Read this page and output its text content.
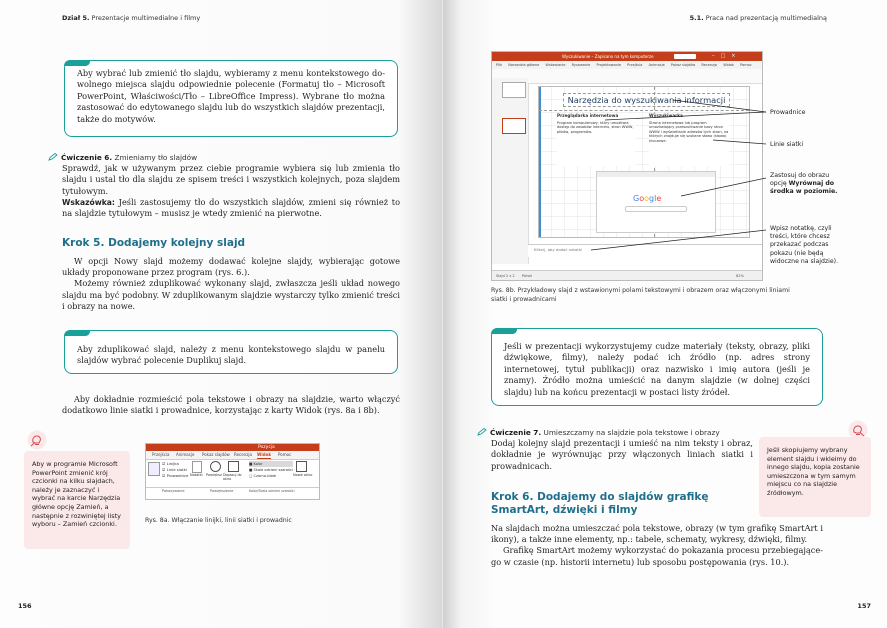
Dział 5. Prezentacje multimedialne i filmy
Aby wybrać lub zmienić tło slajdu, wybieramy z menu kontekstowego dowolnego miejsca slajdu odpowiednie polecenie (Formatuj tło – Microsoft PowerPoint, Właściwości/Tło – LibreOffice Impress). Wybrane tło można zastosować do edytowanego slajdu lub do wszystkich slajdów prezentacji, także do motywów.
Ćwiczenie 6. Zmieniamy tło slajdów
Sprawdź, jak w używanym przez ciebie programie wybiera się lub zmienia tło slajdu i ustal tło dla slajdu ze spisem treści i wszystkich kolejnych, poza slajdem tytułowym.
Wskazówka: Jeśli zastosujemy tło do wszystkich slajdów, zmieni się również to na slajdzie tytułowym – musisz je wtedy zmienić na pierwotne.
Krok 5. Dodajemy kolejny slajd
W opcji Nowy slajd możemy dodawać kolejne slajdy, wybierając gotowe układy proponowane przez program (rys. 6.).
Możemy również zduplikować wykonany slajd, zwłaszcza jeśli układ nowego slajdu ma być podobny. W zduplikowanym slajdzie wystarczy tylko zmienić treści i obrazy na nowe.
Aby zduplikować slajd, należy z menu kontekstowego slajdu w panelu slajdów wybrać polecenie Duplikuj slajd.
Aby dokładnie rozmieścić pola tekstowe i obrazy na slajdzie, warto włączyć dodatkowo linie siatki i prowadnice, korzystając z karty Widok (rys. 8a i 8b).
Aby w programie Microsoft PowerPoint zmienić krój czcionki na kilku slajdach, należy je zaznaczyć i wybrać na karcie Narzędzia główne opcję Zamień, a następnie z rozwiniętej listy wyboru – Zamień czcionki.
Pozycja
Przejścia Animacje Pokaz slajdów Recenzja Widok Pomoc
☑ Linijka
☑ Linie siatki
☑ Prowadnice Notatki Powiększ Dopasuj do okna
■ Kolor
■ Skala odcieni szarości
□ Czarno-białe	Nowe okno
Pokazywanie	Powiększenie	Kolor/Skala odcieni szarości
Rys. 8a. Włączanie linijki, linii siatki i prowadnic
156
5.1. Praca nad prezentacją multimedialną
Wyszukiwanie – Zapisano na tym komputerze	–□×
Plik Narzędzia główne Wstawianie Rysowanie Projektowanie Przejścia Animacje Pokaz slajdów Recenzja Widok Pomoc
Narzędzia do wyszukiwania informacji
Przeglądarka internetowa
Program komputerowy, który umożliwia dostęp do zasobów internetu, stron WWW, plików, programów.
Wyszukiwarka
Strona internetowa lub program umożliwiający przeszukiwanie bazy stron WWW i wyświetlanie adresów tych stron, na których znajduje się szukane słowo (słowa) kluczowe.
Google
Kliknij, aby dodać notatki
Slajd 2 z 2 Polski	82%
Prowadnice
Linie siatki
Zastosuj do obrazu
opcję Wyrównaj do środka w poziomie.
Wpisz notatkę, czyli treści, które chcesz przekazać podczas pokazu (nie będą widoczne na slajdzie).
Rys. 8b. Przykładowy slajd z wstawionymi polami tekstowymi i obrazem oraz włączonymi liniami siatki i prowadnicami
Jeśli w prezentacji wykorzystujemy cudze materiały (teksty, obrazy, pliki dźwiękowe, filmy), należy podać ich źródło (np. adres strony internetowej, tytuł publikacji) oraz nazwisko i imię autora (jeśli je znamy). Źródło można umieścić na danym slajdzie (w dolnej części slajdu) lub na końcu prezentacji w postaci listy źródeł.
Ćwiczenie 7. Umieszczamy na slajdzie pola tekstowe i obrazy
Dodaj kolejny slajd prezentacji i umieść na nim teksty i obraz, dokładnie je wyrównując przy włączonych liniach siatki i prowadnicach.
Krok 6. Dodajemy do slajdów grafikę SmartArt, dźwięki i filmy
Na slajdach można umieszczać pola tekstowe, obrazy (w tym grafikę SmartArt i ikony), a także inne elementy, np.: tabele, schematy, wykresy, dźwięki, filmy.
Grafikę SmartArt możemy wykorzystać do pokazania procesu przebiegającego w czasie (np. historii internetu) lub sposobu postępowania (rys. 10.).
Jeśli skopiujemy wybrany element slajdu i wkleimy do innego slajdu, kopia zostanie umieszczona w tym samym miejscu co na slajdzie źródłowym.
157
